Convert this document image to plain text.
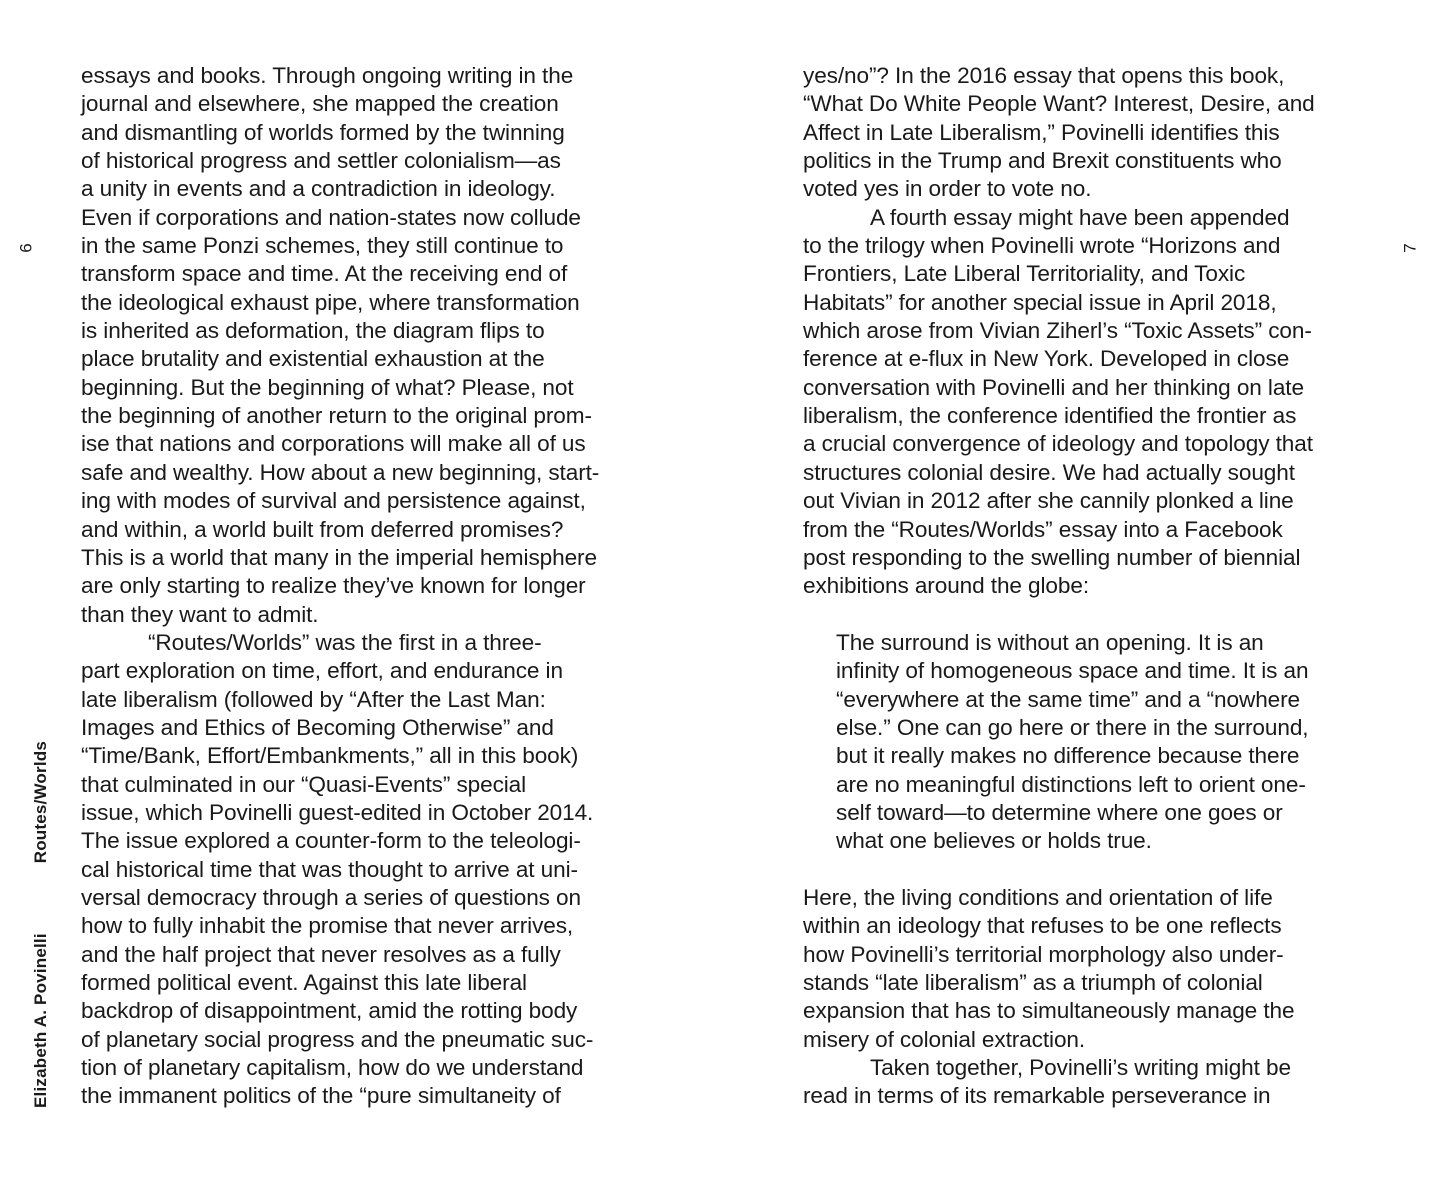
Elizabeth A. PovinelliRoutes/Worlds
6	7
essays and books. Through ongoing writing in the
journal and elsewhere, she mapped the creation
and dismantling of worlds formed by the twinning
of historical progress and settler colonialism—as
a unity in events and a contradiction in ideology.
Even if corporations and nation-states now collude
in the same Ponzi schemes, they still continue to
transform space and time. At the receiving end of
the ideological exhaust pipe, where transformation
is inherited as deformation, the diagram flips to
place brutality and existential exhaustion at the
beginning. But the beginning of what? Please, not
the beginning of another return to the original prom-
ise that nations and corporations will make all of us
safe and wealthy. How about a new beginning, start-
ing with modes of survival and persistence against,
and within, a world built from deferred promises?
This is a world that many in the imperial hemisphere
are only starting to realize they’ve known for longer
than they want to admit.
“Routes/Worlds” was the first in a three-
part exploration on time, effort, and endurance in
late liberalism (followed by “After the Last Man:
Images and Ethics of Becoming Otherwise” and
“Time/Bank, Effort/Embankments,” all in this book)
that culminated in our “Quasi-Events” special
issue, which Povinelli guest-edited in October 2014.
The issue explored a counter-form to the teleologi-
cal historical time that was thought to arrive at uni-
versal democracy through a series of questions on
how to fully inhabit the promise that never arrives,
and the half project that never resolves as a fully
formed political event. Against this late liberal
backdrop of disappointment, amid the rotting body
of planetary social progress and the pneumatic suc-
tion of planetary capitalism, how do we understand
the immanent politics of the “pure simultaneity of
yes/no”? In the 2016 essay that opens this book,
“What Do White People Want? Interest, Desire, and
Affect in Late Liberalism,” Povinelli identifies this
politics in the Trump and Brexit constituents who
voted yes in order to vote no.
A fourth essay might have been appended
to the trilogy when Povinelli wrote “Horizons and
Frontiers, Late Liberal Territoriality, and Toxic
Habitats” for another special issue in April 2018,
which arose from Vivian Ziherl’s “Toxic Assets” con-
ference at e-flux in New York. Developed in close
conversation with Povinelli and her thinking on late
liberalism, the conference identified the frontier as
a crucial convergence of ideology and topology that
structures colonial desire. We had actually sought
out Vivian in 2012 after she cannily plonked a line
from the “Routes/Worlds” essay into a Facebook
post responding to the swelling number of biennial
exhibitions around the globe:
The surround is without an opening. It is an
infinity of homogeneous space and time. It is an
“everywhere at the same time” and a “nowhere
else.” One can go here or there in the surround,
but it really makes no difference because there
are no meaningful distinctions left to orient one-
self toward—to determine where one goes or
what one believes or holds true.
Here, the living conditions and orientation of life
within an ideology that refuses to be one reflects
how Povinelli’s territorial morphology also under-
stands “late liberalism” as a triumph of colonial
expansion that has to simultaneously manage the
misery of colonial extraction.
Taken together, Povinelli’s writing might be
read in terms of its remarkable perseverance in
